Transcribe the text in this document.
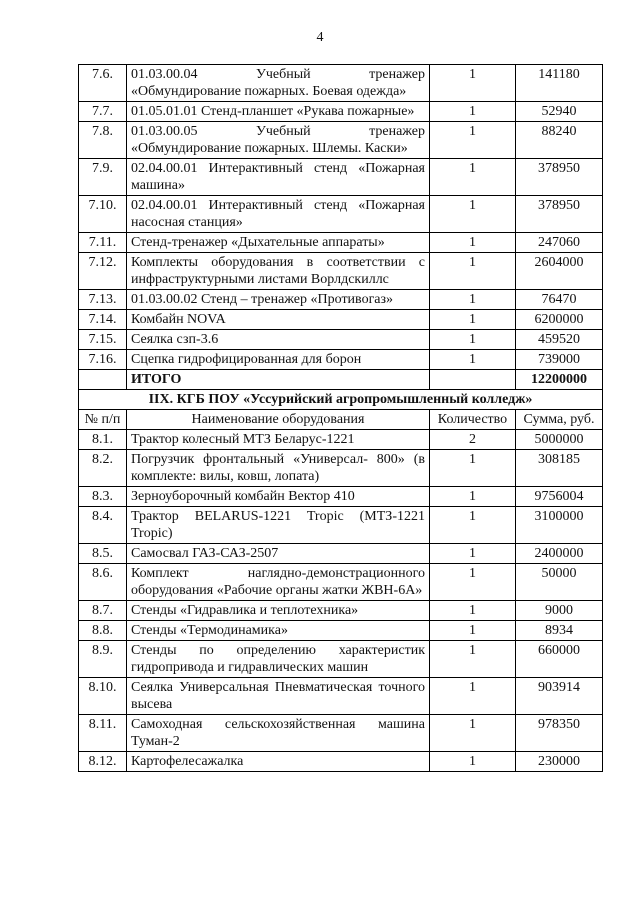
4
7.6.	01.03.00.04 Учебный тренажер «Обмундирование пожарных. Боевая одежда»	1	141180
7.7.	01.05.01.01 Стенд-планшет «Рукава пожарные»	1	52940
7.8.	01.03.00.05 Учебный тренажер «Обмундирование пожарных. Шлемы. Каски»	1	88240
7.9.	02.04.00.01 Интерактивный стенд «Пожарная машина»	1	378950
7.10.	02.04.00.01 Интерактивный стенд «Пожарная насосная станция»	1	378950
7.11.	Стенд-тренажер «Дыхательные аппараты»	1	247060
7.12.	Комплекты оборудования в соответствии с инфраструктурными листами Ворлдскиллс	1	2604000
7.13.	01.03.00.02 Стенд – тренажер «Противогаз»	1	76470
7.14.	Комбайн NOVA	1	6200000
7.15.	Сеялка сзп-3.6	1	459520
7.16.	Сцепка гидрофицированная для борон	1	739000
	ИТОГО		12200000
IIX. КГБ ПОУ «Уссурийский агропромышленный колледж»			
№ п/п	Наименование оборудования	Количество	Сумма, руб.
8.1.	Трактор колесный МТЗ Беларус-1221	2	5000000
8.2.	Погрузчик фронтальный «Универсал- 800» (в комплекте: вилы, ковш, лопата)	1	308185
8.3.	Зерноуборочный комбайн Вектор 410	1	9756004
8.4.	Трактор BELARUS-1221 Tropic (МТЗ-1221 Tropic)	1	3100000
8.5.	Самосвал ГАЗ-САЗ-2507	1	2400000
8.6.	Комплект наглядно-демонстрационного оборудования «Рабочие органы жатки ЖВН-6А»	1	50000
8.7.	Стенды «Гидравлика и теплотехника»	1	9000
8.8.	Стенды «Термодинамика»	1	8934
8.9.	Стенды по определению характеристик гидропривода и гидравлических машин	1	660000
8.10.	Сеялка Универсальная Пневматическая точного высева	1	903914
8.11.	Самоходная сельскохозяйственная машина Туман-2	1	978350
8.12.	Картофелесажалка	1	230000
